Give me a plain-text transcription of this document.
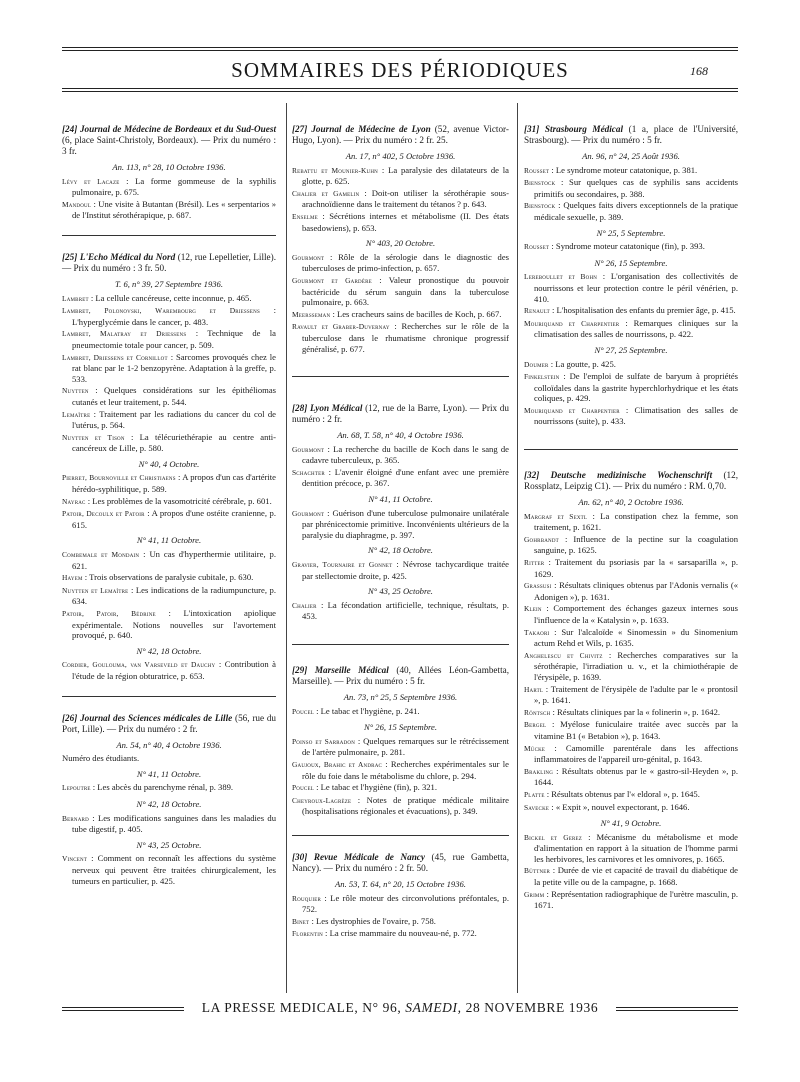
SOMMAIRES DES PÉRIODIQUES	168
[24] Journal de Médecine de Bordeaux et du Sud-Ouest (6, place Saint-Christoly, Bordeaux). — Prix du numéro : 3 fr.
An. 113, n° 28, 10 Octobre 1936.
Lévy et Lacaze : La forme gommeuse de la syphilis pulmonaire, p. 675.
Mandoul : Une visite à Butantan (Brésil). Les « serpentarios » de l'Institut sérothérapique, p. 687.
[25] L'Echo Médical du Nord (12, rue Lepelletier, Lille). — Prix du numéro : 3 fr. 50.
T. 6, n° 39, 27 Septembre 1936.
Lambret : La cellule cancéreuse, cette inconnue, p. 465.
Lambret, Polonovski, Warembourg et Driessens : L'hyperglycémie dans le cancer, p. 483.
Lambret, Malatray et Driessens : Technique de la pneumectomie totale pour cancer, p. 509.
Lambret, Driessens et Cornillot : Sarcomes provoqués chez le rat blanc par le 1-2 benzopyrène. Adaptation à la greffe, p. 533.
Nuytten : Quelques considérations sur les épithéliomas cutanés et leur traitement, p. 544.
Lemaître : Traitement par les radiations du cancer du col de l'utérus, p. 564.
Nuytten et Tison : La télécuriethérapie au centre anti-cancéreux de Lille, p. 580.
N° 40, 4 Octobre.
Pierret, Bournoville et Christiaens : A propos d'un cas d'artérite hérédo-syphilitique, p. 589.
Nayrac : Les problèmes de la vasomotricité cérébrale, p. 601.
Patoir, Decoulx et Patoir : A propos d'une ostéite cranienne, p. 615.
N° 41, 11 Octobre.
Combemale et Mondain : Un cas d'hyperthermie utilitaire, p. 621.
Hayem : Trois observations de paralysie cubitale, p. 630.
Nuytten et Lemaître : Les indications de la radiumpuncture, p. 634.
Patoir, Patoir, Bédrine : L'intoxication apiolique expérimentale. Notions nouvelles sur l'avortement provoqué, p. 640.
N° 42, 18 Octobre.
Cordier, Goulouma, van Varseveld et Dauchy : Contribution à l'étude de la région obturatrice, p. 653.
[26] Journal des Sciences médicales de Lille (56, rue du Port, Lille). — Prix du numéro : 2 fr.
An. 54, n° 40, 4 Octobre 1936.
Numéro des étudiants.
N° 41, 11 Octobre.
Lepoutre : Les abcès du parenchyme rénal, p. 389.
N° 42, 18 Octobre.
Bernard : Les modifications sanguines dans les maladies du tube digestif, p. 405.
N° 43, 25 Octobre.
Vincent : Comment on reconnaît les affections du système nerveux qui peuvent être traitées chirurgicalement, les tumeurs en particulier, p. 425.
[27] Journal de Médecine de Lyon (52, avenue Victor-Hugo, Lyon). — Prix du numéro : 2 fr. 25.
An. 17, n° 402, 5 Octobre 1936.
Rebattu et Mounier-Kuhn : La paralysie des dilatateurs de la glotte, p. 625.
Chalier et Gamelin : Doit-on utiliser la sérothérapie sous-arachnoïdienne dans le traitement du tétanos ? p. 643.
Enselme : Sécrétions internes et métabolisme (II. Des états basedowiens), p. 653.
N° 403, 20 Octobre.
Gourmont : Rôle de la sérologie dans le diagnostic des tuberculoses de primo-infection, p. 657.
Gourmont et Gardère : Valeur pronostique du pouvoir bactéricide du sérum sanguin dans la tuberculose pulmonaire, p. 663.
Meersseman : Les cracheurs sains de bacilles de Koch, p. 667.
Ravault et Graber-Duvernay : Recherches sur le rôle de la tuberculose dans le rhumatisme chronique progressif généralisé, p. 677.
[28] Lyon Médical (12, rue de la Barre, Lyon). — Prix du numéro : 2 fr.
An. 68, T. 58, n° 40, 4 Octobre 1936.
Gourmont : La recherche du bacille de Koch dans le sang de cadavre tuberculeux, p. 365.
Schachter : L'avenir éloigné d'une enfant avec une première dentition précoce, p. 367.
N° 41, 11 Octobre.
Gourmont : Guérison d'une tuberculose pulmonaire unilatérale par phrénicectomie primitive. Inconvénients ultérieurs de la paralysie du diaphragme, p. 397.
N° 42, 18 Octobre.
Gravier, Tournaire et Gonnet : Névrose tachycardique traitée par stellectomie droite, p. 425.
N° 43, 25 Octobre.
Chalier : La fécondation artificielle, technique, résultats, p. 453.
[29] Marseille Médical (40, Allées Léon-Gambetta, Marseille). — Prix du numéro : 5 fr.
An. 73, n° 25, 5 Septembre 1936.
Poucel : Le tabac et l'hygiène, p. 241.
N° 26, 15 Septembre.
Poinso et Sarradon : Quelques remarques sur le rétrécissement de l'artère pulmonaire, p. 281.
Gaujoux, Brahic et Andrac : Recherches expérimentales sur le rôle du foie dans le métabolisme du chlore, p. 294.
Poucel : Le tabac et l'hygiène (fin), p. 321.
Cheyroux-Lagrèze : Notes de pratique médicale militaire (hospitalisations régionales et évacuations), p. 349.
[30] Revue Médicale de Nancy (45, rue Gambetta, Nancy). — Prix du numéro : 2 fr. 50.
An. 53, T. 64, n° 20, 15 Octobre 1936.
Rouquier : Le rôle moteur des circonvolutions préfontales, p. 752.
Binet : Les dystrophies de l'ovaire, p. 758.
Florentin : La crise mammaire du nouveau-né, p. 772.
[31] Strasbourg Médical (1 a, place de l'Université, Strasbourg). — Prix du numéro : 5 fr.
An. 96, n° 24, 25 Août 1936.
Rousset : Le syndrome moteur catatonique, p. 381.
Bienstock : Sur quelques cas de syphilis sans accidents primitifs ou secondaires, p. 388.
Bienstock : Quelques faits divers exceptionnels de la pratique médicale sexuelle, p. 389.
N° 25, 5 Septembre.
Rousset : Syndrome moteur catatonique (fin), p. 393.
N° 26, 15 Septembre.
Lereboullet et Bohn : L'organisation des collectivités de nourrissons et leur protection contre le péril vénérien, p. 410.
Renault : L'hospitalisation des enfants du premier âge, p. 415.
Mouriquand et Charpentier : Remarques cliniques sur la climatisation des salles de nourrissons, p. 422.
N° 27, 25 Septembre.
Doumer : La goutte, p. 425.
Finkelstein : De l'emploi de sulfate de baryum à propriétés colloïdales dans la gastrite hyperchlorhydrique et les états coliques, p. 429.
Mouriquand et Charpentier : Climatisation des salles de nourrissons (suite), p. 433.
[32] Deutsche medizinische Wochenschrift (12, Rossplatz, Leipzig C1). — Prix du numéro : RM. 0,70.
An. 62, n° 40, 2 Octobre 1936.
Margraf et Sextl : La constipation chez la femme, son traitement, p. 1621.
Gohrbandt : Influence de la pectine sur la coagulation sanguine, p. 1625.
Ritter : Traitement du psoriasis par la « sarsaparilla », p. 1629.
Grassusi : Résultats cliniques obtenus par l'Adonis vernalis (« Adonigen »), p. 1631.
Klein : Comportement des échanges gazeux internes sous l'influence de la « Katalysin », p. 1633.
Takaori : Sur l'alcaloïde « Sinomessin » du Sinomenium actum Rehd et Wils, p. 1635.
Anghelescu et Chivitz : Recherches comparatives sur la sérothérapie, l'irradiation u. v., et la chimiothérapie de l'érysipèle, p. 1639.
Hartl : Traitement de l'érysipèle de l'adulte par le « prontosil », p. 1641.
Röntsch : Résultats cliniques par la « folinerin », p. 1642.
Bergel : Myélose funiculaire traitée avec succès par la vitamine B1 (« Betabion »), p. 1643.
Mücke : Camomille parentérale dans les affections inflammatoires de l'appareil uro-génital, p. 1643.
Brakling : Résultats obtenus par le « gastro-sil-Heyden », p. 1644.
Platte : Résultats obtenus par l'« eldoral », p. 1645.
Savecke : « Expit », nouvel expectorant, p. 1646.
N° 41, 9 Octobre.
Bickel et Gerez : Mécanisme du métabolisme et mode d'alimentation en rapport à la situation de l'homme parmi les herbivores, les carnivores et les omnivores, p. 1665.
Büttner : Durée de vie et capacité de travail du diabétique de la petite ville ou de la campagne, p. 1668.
Grimm : Représentation radiographique de l'urètre masculin, p. 1671.
LA PRESSE MEDICALE, N° 96, SAMEDI, 28 NOVEMBRE 1936
